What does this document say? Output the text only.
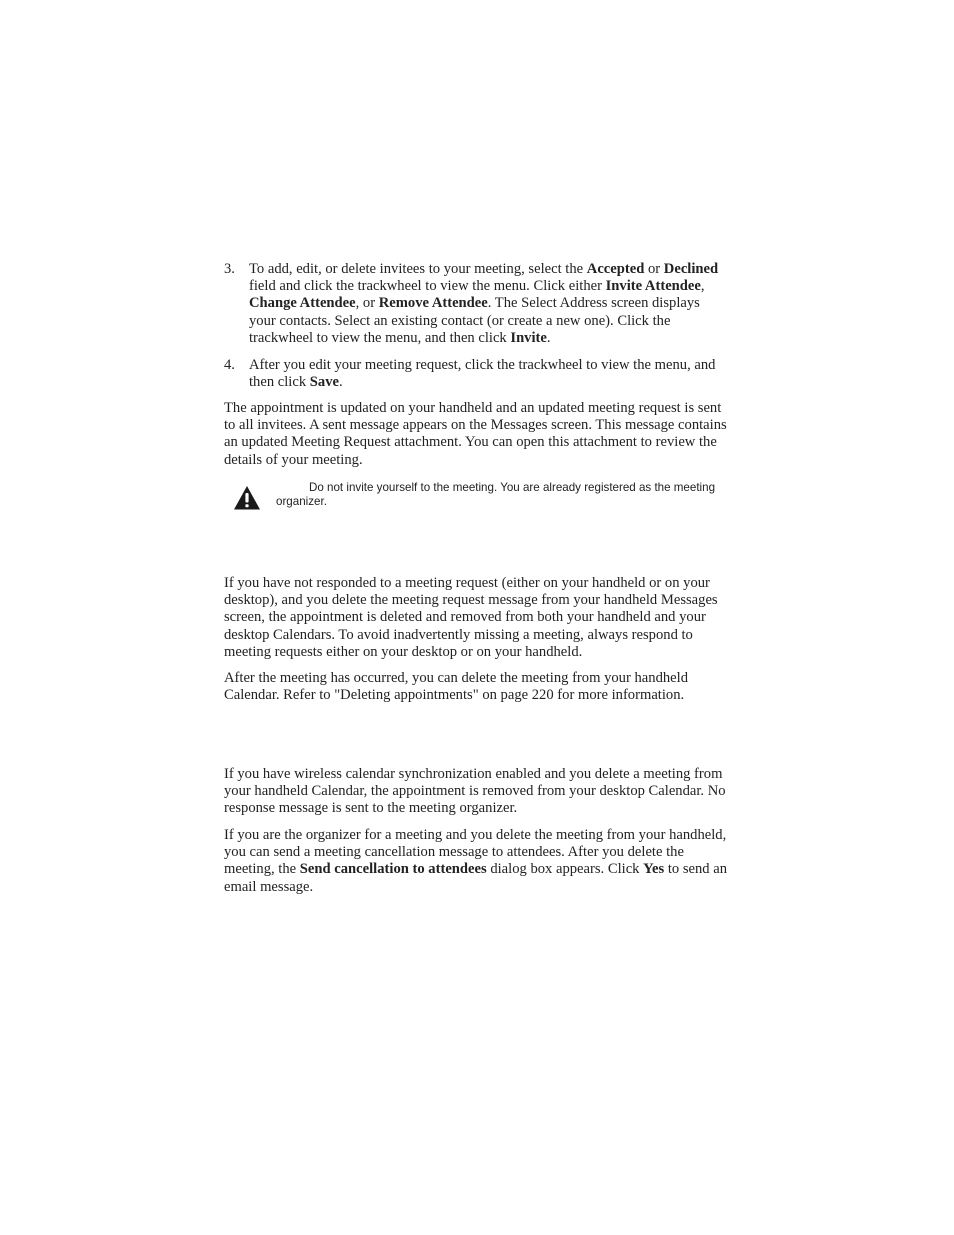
3. To add, edit, or delete invitees to your meeting, select the Accepted or Declined field and click the trackwheel to view the menu. Click either Invite Attendee, Change Attendee, or Remove Attendee. The Select Address screen displays your contacts. Select an existing contact (or create a new one). Click the trackwheel to view the menu, and then click Invite.
4. After you edit your meeting request, click the trackwheel to view the menu, and then click Save.
The appointment is updated on your handheld and an updated meeting request is sent to all invitees. A sent message appears on the Messages screen. This message contains an updated Meeting Request attachment. You can open this attachment to review the details of your meeting.
Do not invite yourself to the meeting. You are already registered as the meeting organizer.
If you have not responded to a meeting request (either on your handheld or on your desktop), and you delete the meeting request message from your handheld Messages screen, the appointment is deleted and removed from both your handheld and your desktop Calendars. To avoid inadvertently missing a meeting, always respond to meeting requests either on your desktop or on your handheld.
After the meeting has occurred, you can delete the meeting from your handheld Calendar. Refer to "Deleting appointments" on page 220 for more information.
If you have wireless calendar synchronization enabled and you delete a meeting from your handheld Calendar, the appointment is removed from your desktop Calendar. No response message is sent to the meeting organizer.
If you are the organizer for a meeting and you delete the meeting from your handheld, you can send a meeting cancellation message to attendees. After you delete the meeting, the Send cancellation to attendees dialog box appears. Click Yes to send an email message.
